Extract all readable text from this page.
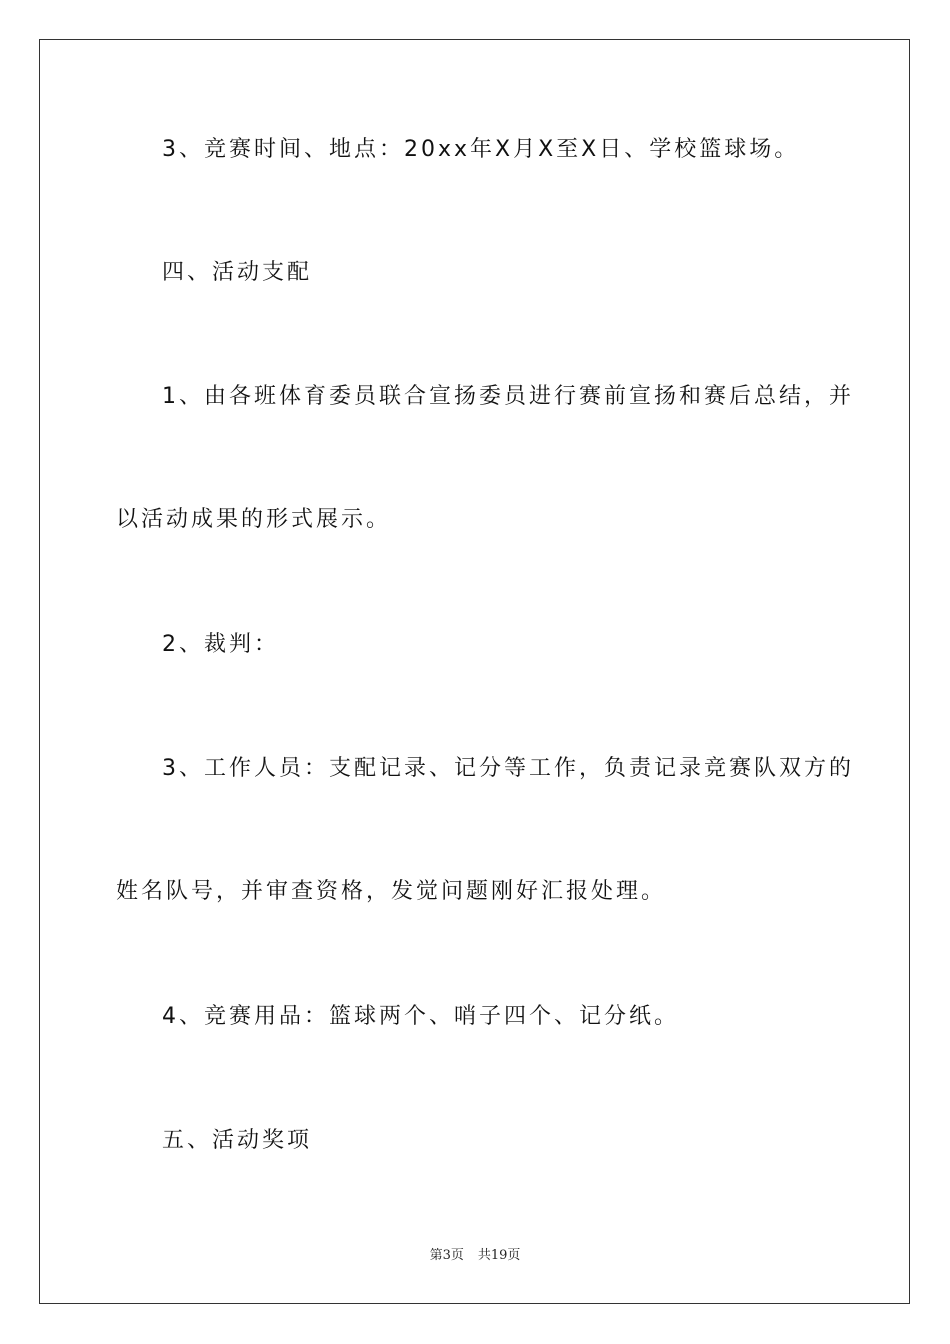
3、竞赛时间、地点：20xx年X月X至X日、学校篮球场。
四、活动支配
1、由各班体育委员联合宣扬委员进行赛前宣扬和赛后总结，并
以活动成果的形式展示。
2、裁判：
3、工作人员：支配记录、记分等工作，负责记录竞赛队双方的
姓名队号，并审查资格，发觉问题刚好汇报处理。
4、竞赛用品：篮球两个、哨子四个、记分纸。
五、活动奖项
第3页 共19页
